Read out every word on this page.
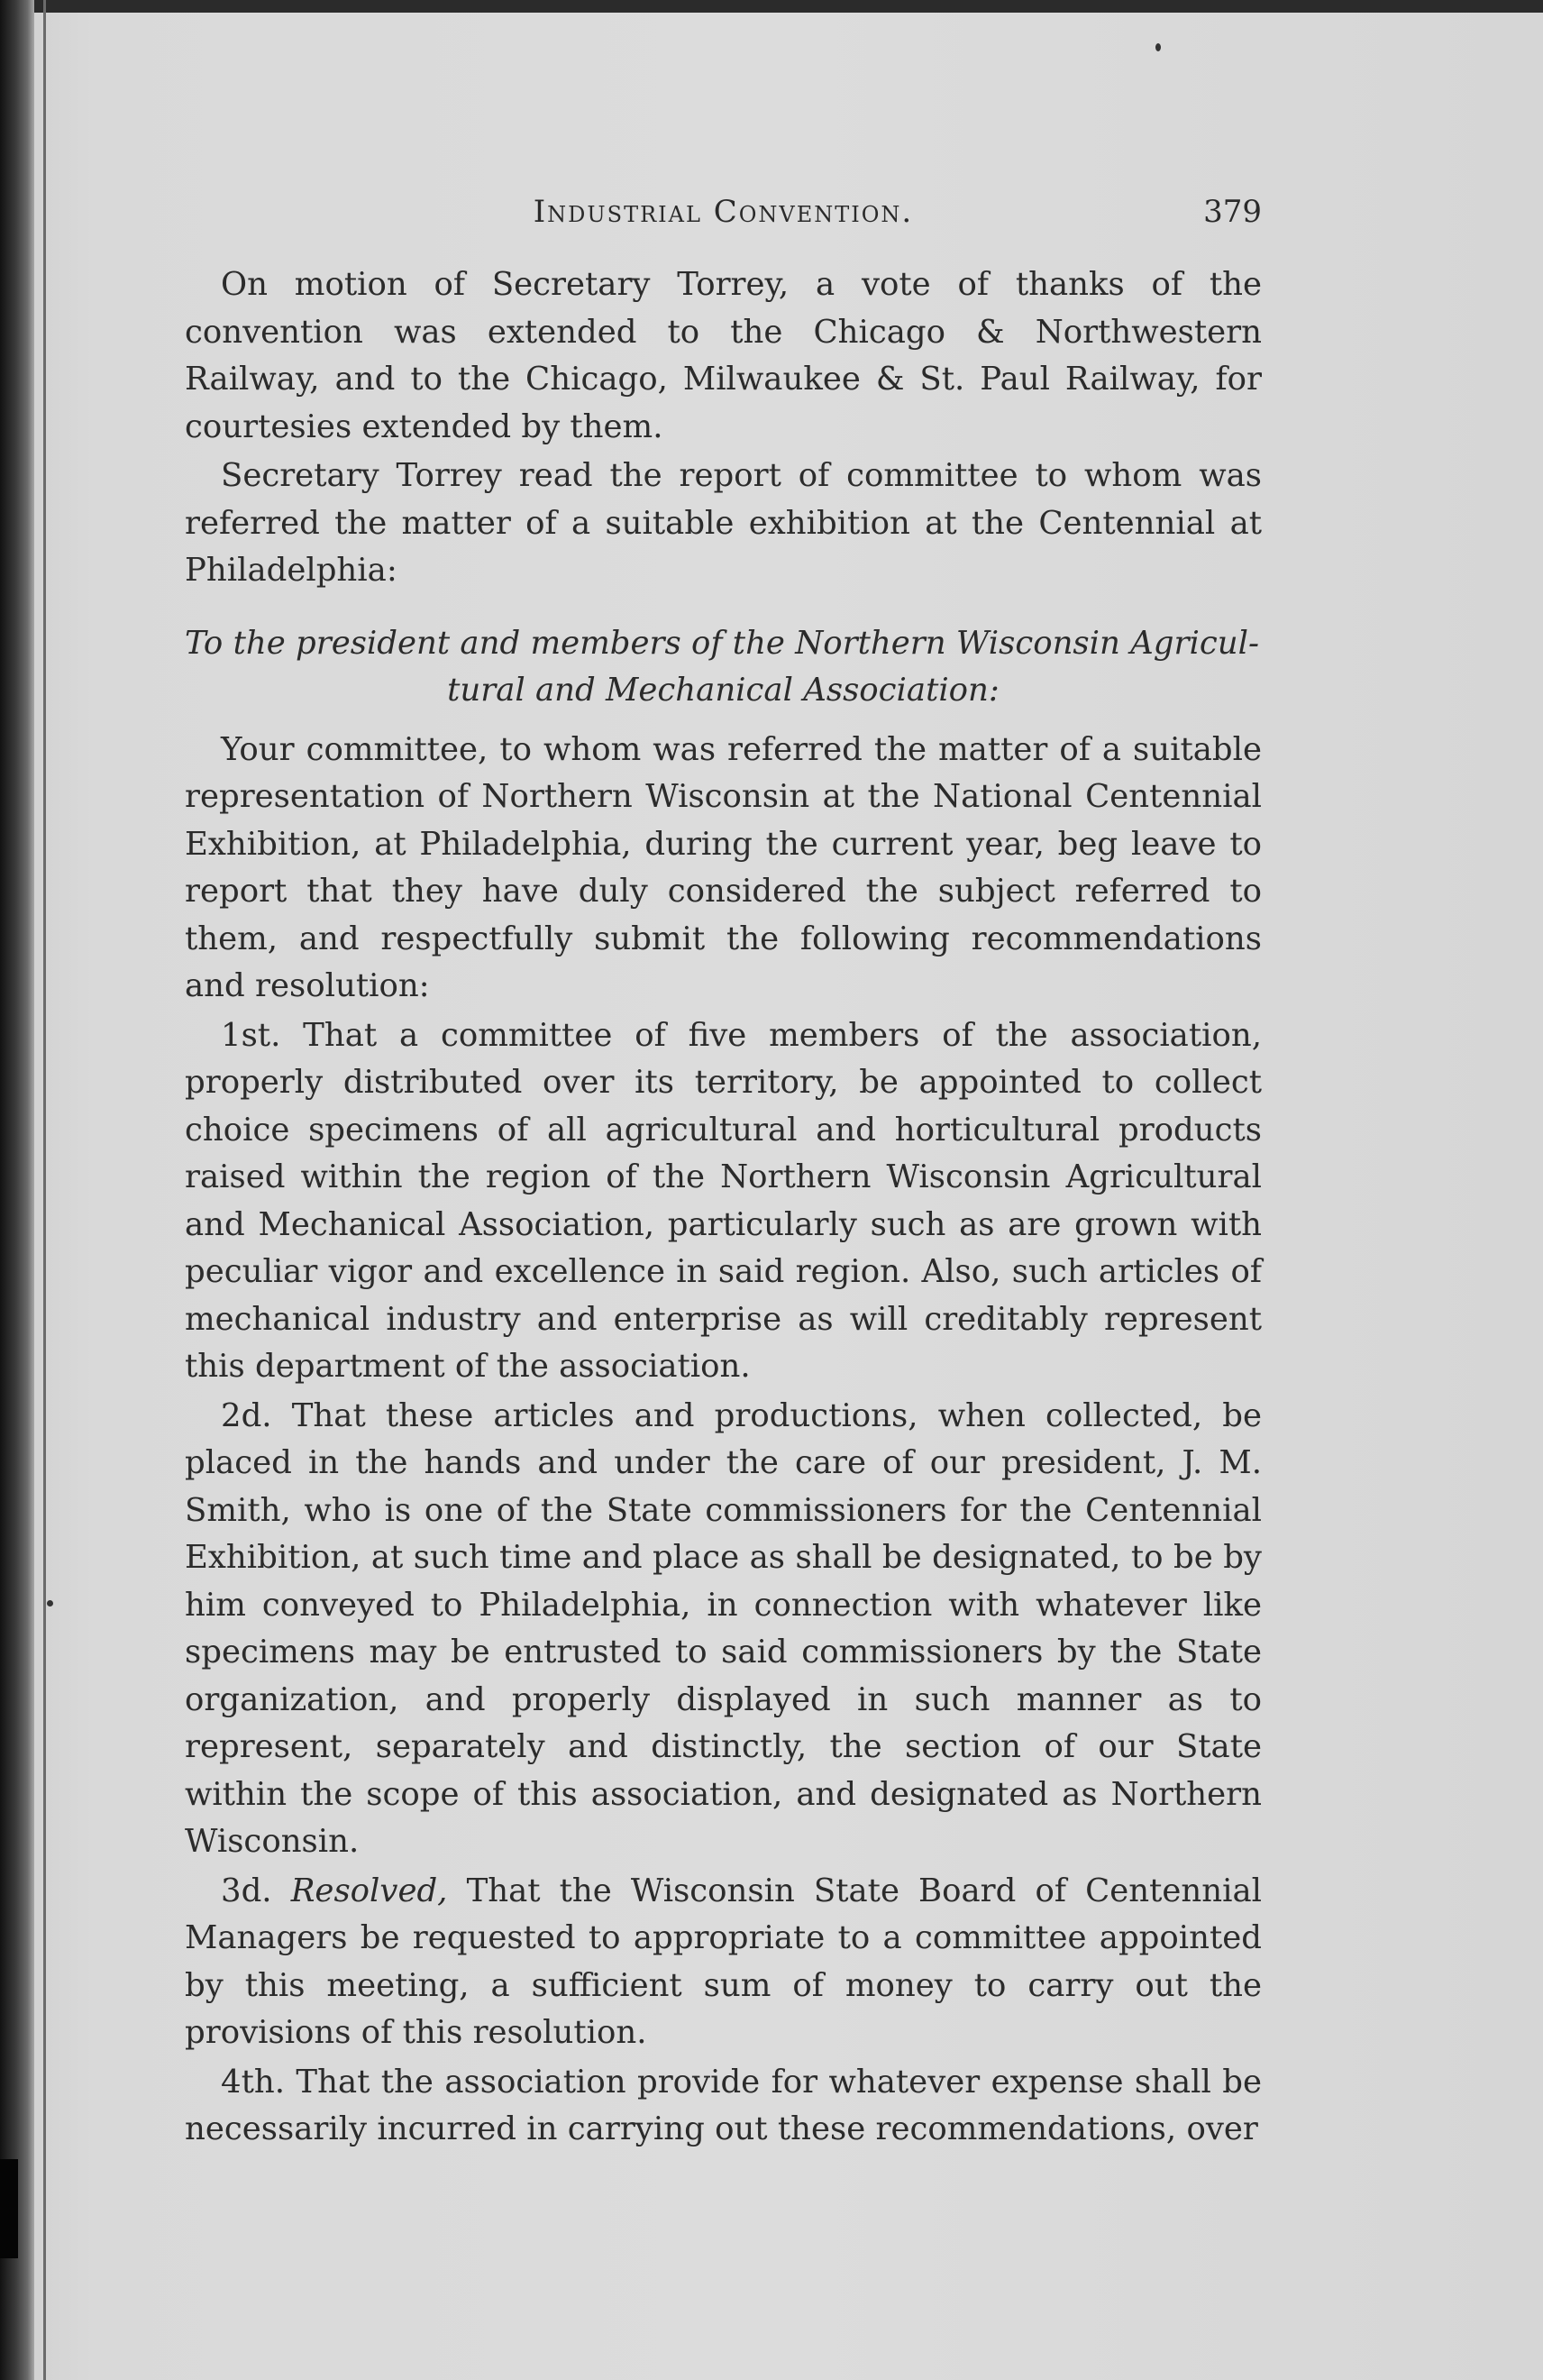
Industrial Convention.	379

On motion of Secretary Torrey, a vote of thanks of the convention was extended to the Chicago & Northwestern Railway, and to the Chicago, Milwaukee & St. Paul Railway, for courtesies extended by them.

Secretary Torrey read the report of committee to whom was referred the matter of a suitable exhibition at the Centennial at Philadelphia:

To the president and members of the Northern Wisconsin Agricul-
tural and Mechanical Association:

Your committee, to whom was referred the matter of a suitable representation of Northern Wisconsin at the National Centennial Exhibition, at Philadelphia, during the current year, beg leave to report that they have duly considered the subject referred to them, and respectfully submit the following recommendations and resolution:

1st. That a committee of five members of the association, properly distributed over its territory, be appointed to collect choice specimens of all agricultural and horticultural products raised within the region of the Northern Wisconsin Agricultural and Mechanical Association, particularly such as are grown with peculiar vigor and excellence in said region. Also, such articles of mechanical industry and enterprise as will creditably represent this department of the association.

2d. That these articles and productions, when collected, be placed in the hands and under the care of our president, J. M. Smith, who is one of the State commissioners for the Centennial Exhibition, at such time and place as shall be designated, to be by him conveyed to Philadelphia, in connection with whatever like specimens may be entrusted to said commissioners by the State organization, and properly displayed in such manner as to represent, separately and distinctly, the section of our State within the scope of this association, and designated as Northern Wisconsin.

3d. Resolved, That the Wisconsin State Board of Centennial Managers be requested to appropriate to a committee appointed by this meeting, a sufficient sum of money to carry out the provisions of this resolution.

4th. That the association provide for whatever expense shall be necessarily incurred in carrying out these recommendations, over
